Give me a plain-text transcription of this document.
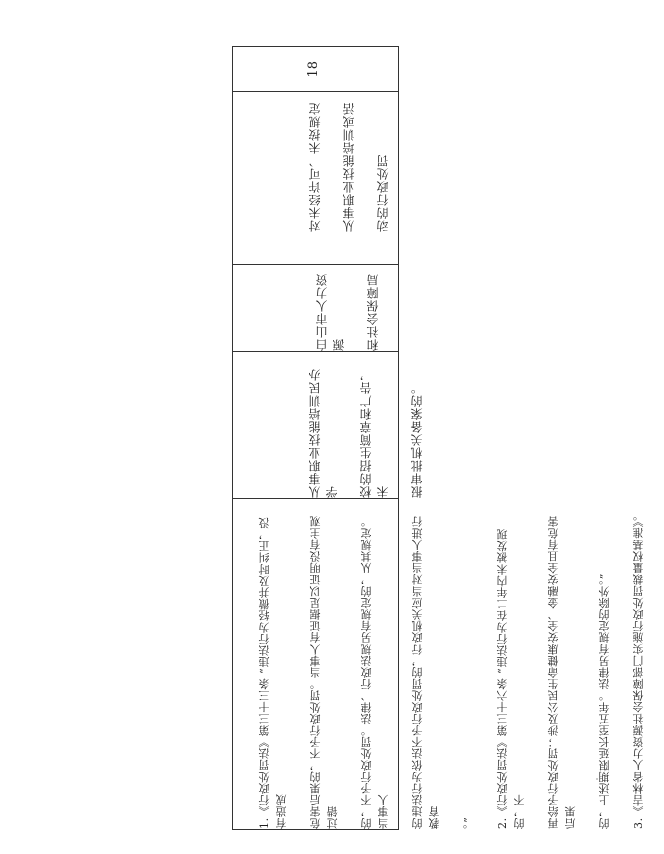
18

对未经许可、未按规定 从事职业技能培训或活 动的行政处罚

白山市人力资源 和社会保障局

从事职业技能培训民办学 校的招生简章和广告，未 报审批机关备案的。

1.《行政处罚法》第三十三条 “违法行为轻微并及时纠正，没有造成 危害后果的，不予行政处罚。当事人有证据足以证明没有主观过错 的，不予行政处罚。法律、行政法规另有规定的，从其规定。当事人 的违法行为依法不予行政处罚的，行政机关应当对当事人进行教育 。” 2.《行政处罚法》第三十六条 “违法行为在二年内未被发现的，不 再给予行政处罚；涉及公民生命健康安全、金融安全且有危害后果 的，上述期限延长至五年。法律另有规定的除外。” 3.《吉林省人力资源社会保障部门实施行政处罚裁量权基准》。
